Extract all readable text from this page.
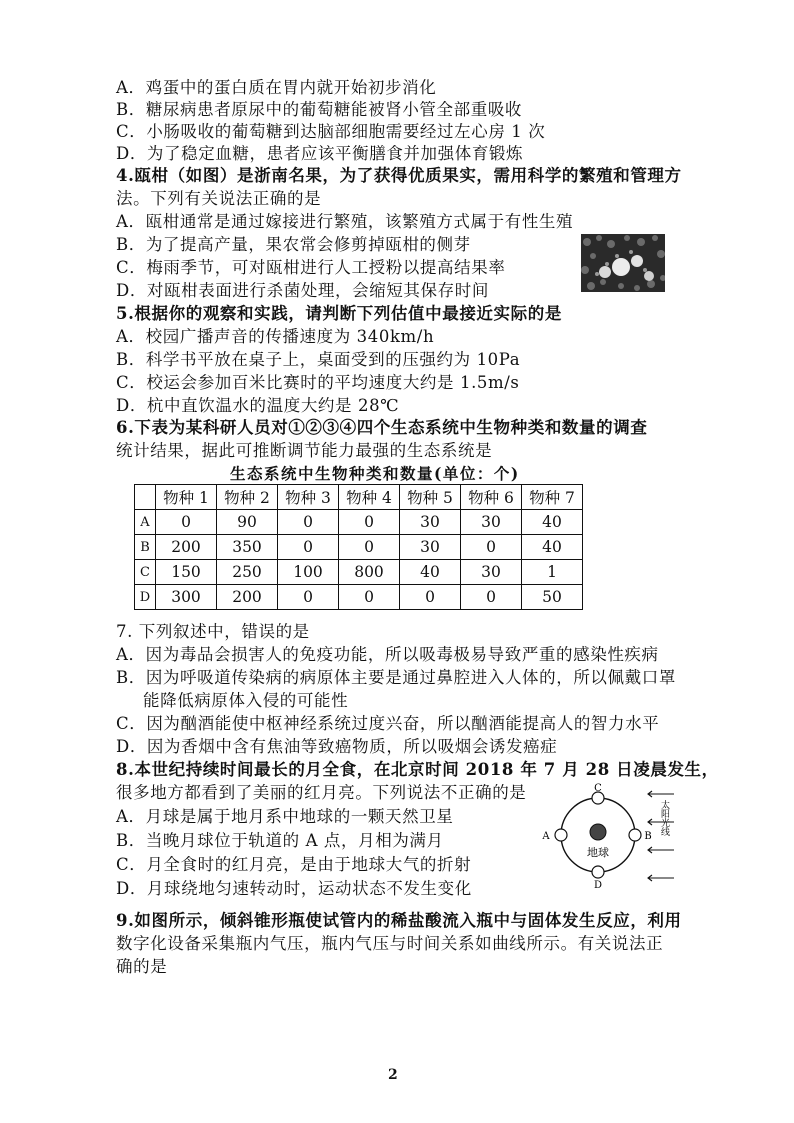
A．鸡蛋中的蛋白质在胃内就开始初步消化
B．糖尿病患者原尿中的葡萄糖能被肾小管全部重吸收
C．小肠吸收的葡萄糖到达脑部细胞需要经过左心房 1 次
D．为了稳定血糖，患者应该平衡膳食并加强体育锻炼
4.瓯柑（如图）是浙南名果，为了获得优质果实，需用科学的繁殖和管理方
法。下列有关说法正确的是
A．瓯柑通常是通过嫁接进行繁殖，该繁殖方式属于有性生殖
B．为了提高产量，果农常会修剪掉瓯柑的侧芽
C．梅雨季节，可对瓯柑进行人工授粉以提高结果率
D．对瓯柑表面进行杀菌处理，会缩短其保存时间
5.根据你的观察和实践，请判断下列估值中最接近实际的是
A．校园广播声音的传播速度为 340km/h
B．科学书平放在桌子上，桌面受到的压强约为 10Pa
C．校运会参加百米比赛时的平均速度大约是 1.5m/s
D．杭中直饮温水的温度大约是 28℃
6.下表为某科研人员对①②③④四个生态系统中生物种类和数量的调查
统计结果，据此可推断调节能力最强的生态系统是
生态系统中生物种类和数量(单位：个)
	物种 1	物种 2	物种 3	物种 4	物种 5	物种 6	物种 7
A	0	90	0	0	30	30	40
B	200	350	0	0	30	0	40
C	150	250	100	800	40	30	1
D	300	200	0	0	0	0	50
7. 下列叙述中，错误的是
A．因为毒品会损害人的免疫功能，所以吸毒极易导致严重的感染性疾病
B．因为呼吸道传染病的病原体主要是通过鼻腔进入人体的，所以佩戴口罩
能降低病原体入侵的可能性
C．因为酗酒能使中枢神经系统过度兴奋，所以酗酒能提高人的智力水平
D．因为香烟中含有焦油等致癌物质，所以吸烟会诱发癌症
8.本世纪持续时间最长的月全食，在北京时间 2018 年 7 月 28 日凌晨发生，
很多地方都看到了美丽的红月亮。下列说法不正确的是
A．月球是属于地月系中地球的一颗天然卫星
B．当晚月球位于轨道的 A 点，月相为满月
C．月全食时的红月亮，是由于地球大气的折射
D．月球绕地匀速转动时，运动状态不发生变化
地球
C
D
A	B
太阳光线
9.如图所示，倾斜锥形瓶使试管内的稀盐酸流入瓶中与固体发生反应，利用
数字化设备采集瓶内气压，瓶内气压与时间关系如曲线所示。有关说法正
确的是
2
